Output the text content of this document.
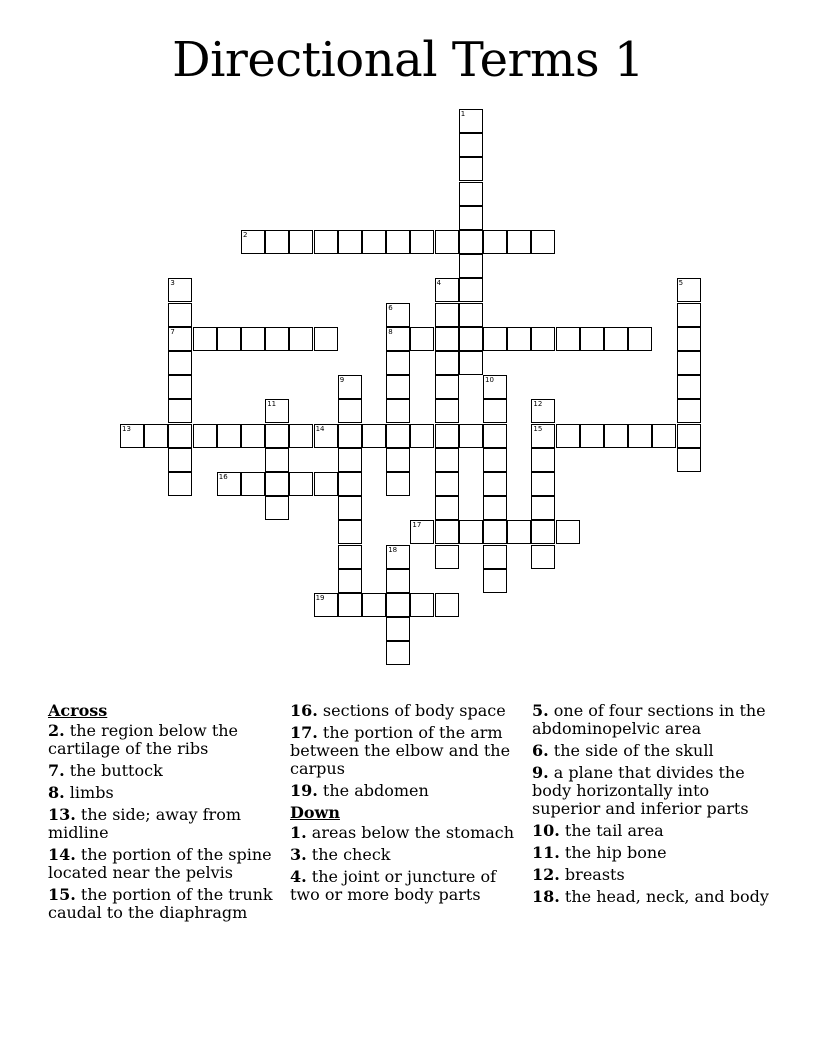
Directional Terms 1
1
2
3
7
4	5
6
8
9	10
11	12
15
13	14
16
17
18
19
Across
2. the region below the cartilage of the ribs
7. the buttock
8. limbs
13. the side; away from midline
14. the portion of the spine located near the pelvis
15. the portion of the trunk caudal to the diaphragm
16. sections of body space
17. the portion of the arm between the elbow and the carpus
19. the abdomen
Down
1. areas below the stomach
3. the check
4. the joint or juncture of two or more body parts
5. one of four sections in the abdominopelvic area
6. the side of the skull
9. a plane that divides the body horizontally into superior and inferior parts
10. the tail area
11. the hip bone
12. breasts
18. the head, neck, and body
